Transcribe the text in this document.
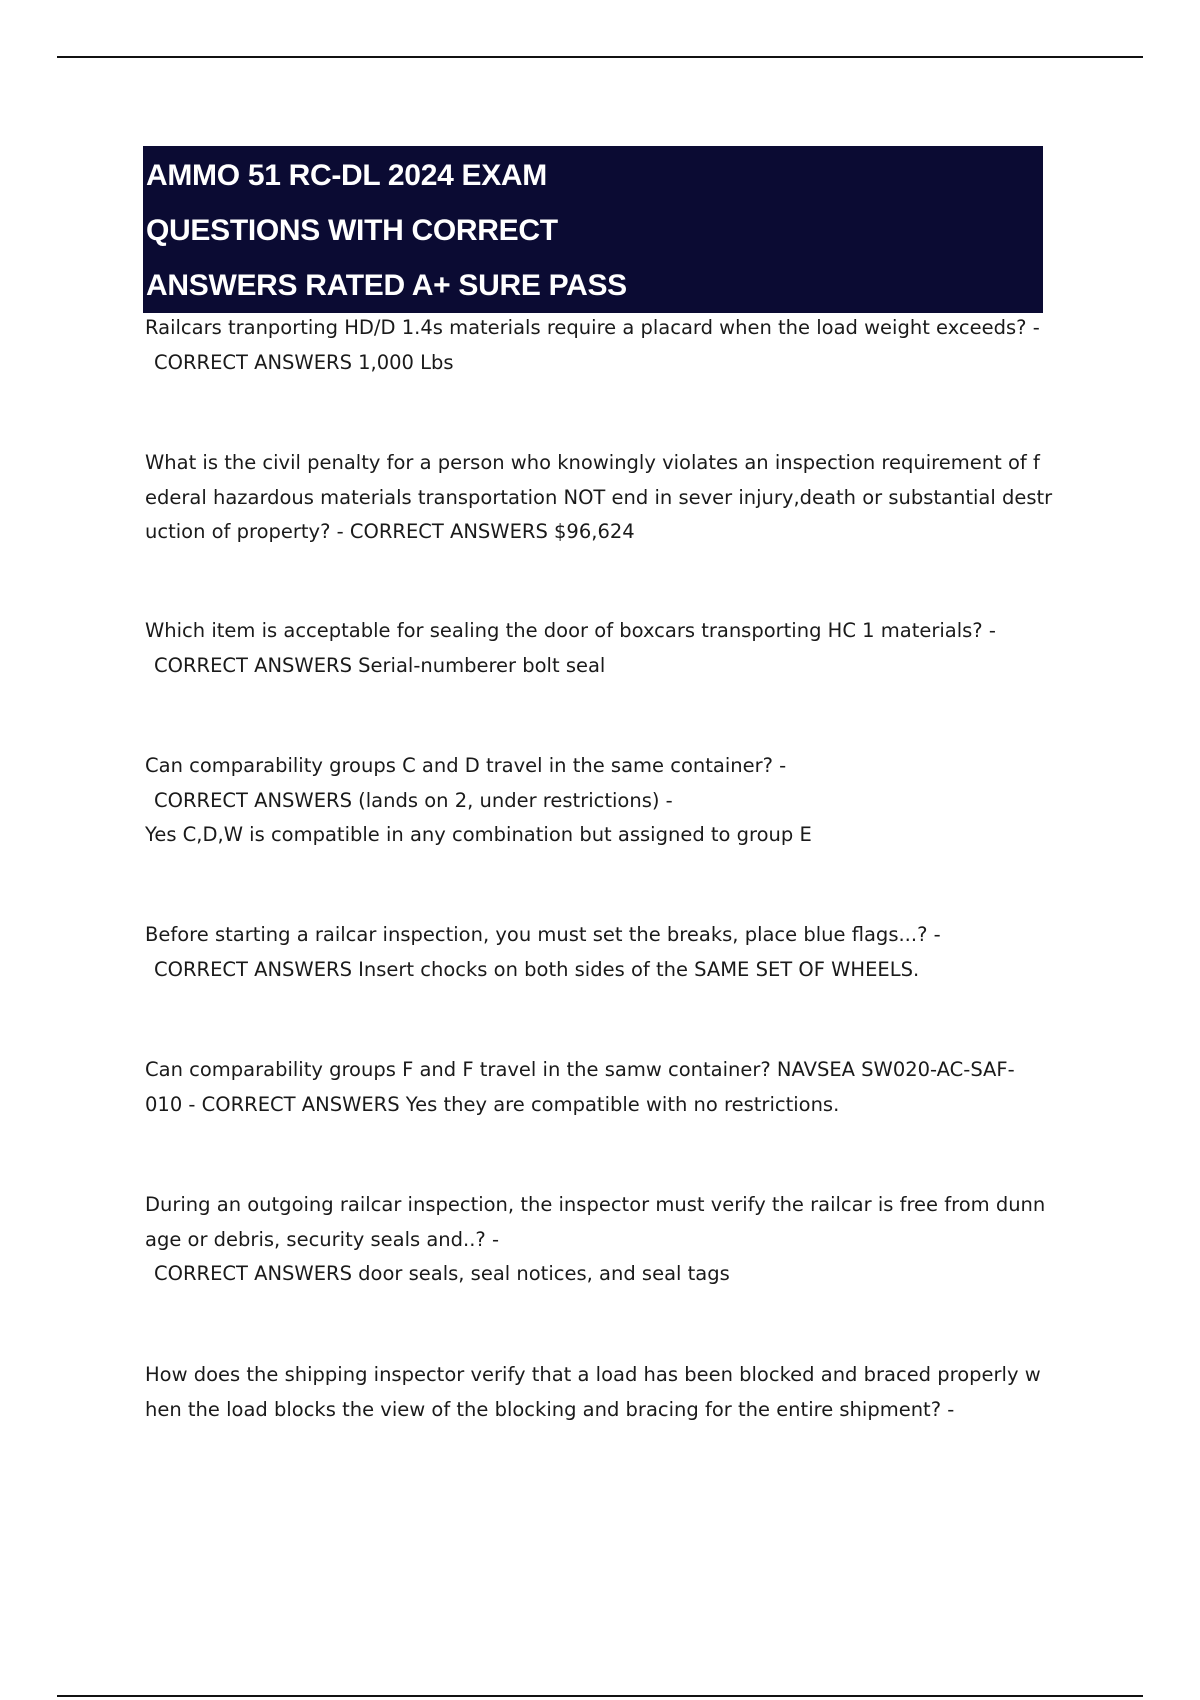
AMMO 51 RC-DL 2024 EXAM
QUESTIONS WITH CORRECT
ANSWERS RATED A+ SURE PASS
Railcars tranporting HD/D 1.4s materials require a placard when the load weight exceeds? -
CORRECT ANSWERS 1,000 Lbs
What is the civil penalty for a person who knowingly violates an inspection requirement of f
ederal hazardous materials transportation NOT end in sever injury,death or substantial destr
uction of property? - CORRECT ANSWERS $96,624
Which item is acceptable for sealing the door of boxcars transporting HC 1 materials? -
CORRECT ANSWERS Serial-numberer bolt seal
Can comparability groups C and D travel in the same container? -
CORRECT ANSWERS (lands on 2, under restrictions) -
Yes C,D,W is compatible in any combination but assigned to group E
Before starting a railcar inspection, you must set the breaks, place blue flags...? -
CORRECT ANSWERS Insert chocks on both sides of the SAME SET OF WHEELS.
Can comparability groups F and F travel in the samw container? NAVSEA SW020-AC-SAF-
010 - CORRECT ANSWERS Yes they are compatible with no restrictions.
During an outgoing railcar inspection, the inspector must verify the railcar is free from dunn
age or debris, security seals and..? -
CORRECT ANSWERS door seals, seal notices, and seal tags
How does the shipping inspector verify that a load has been blocked and braced properly w
hen the load blocks the view of the blocking and bracing for the entire shipment? -
